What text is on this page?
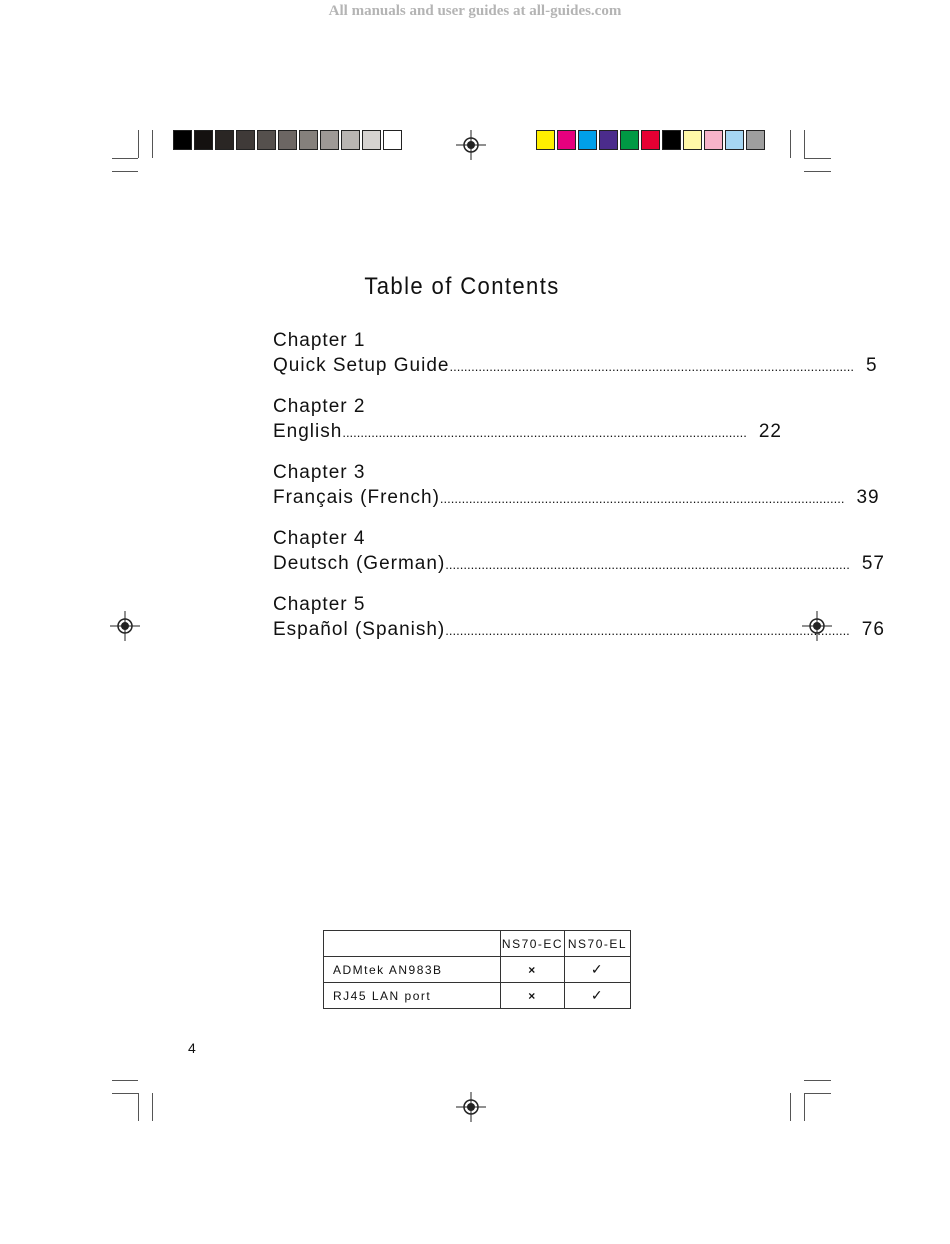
All manuals and user guides at all-guides.com
Table of Contents
Chapter 1
Quick Setup Guide ................................................................................................................ 5
Chapter 2
English ................................................................................................................ 22
Chapter 3
Français (French) ................................................................................................................ 39
Chapter 4
Deutsch (German) ................................................................................................................ 57
Chapter 5
Español (Spanish) ................................................................................................................ 76
	NS70-EC	NS70-EL
ADMtek AN983B	×	✓
RJ45 LAN port	×	✓
4
